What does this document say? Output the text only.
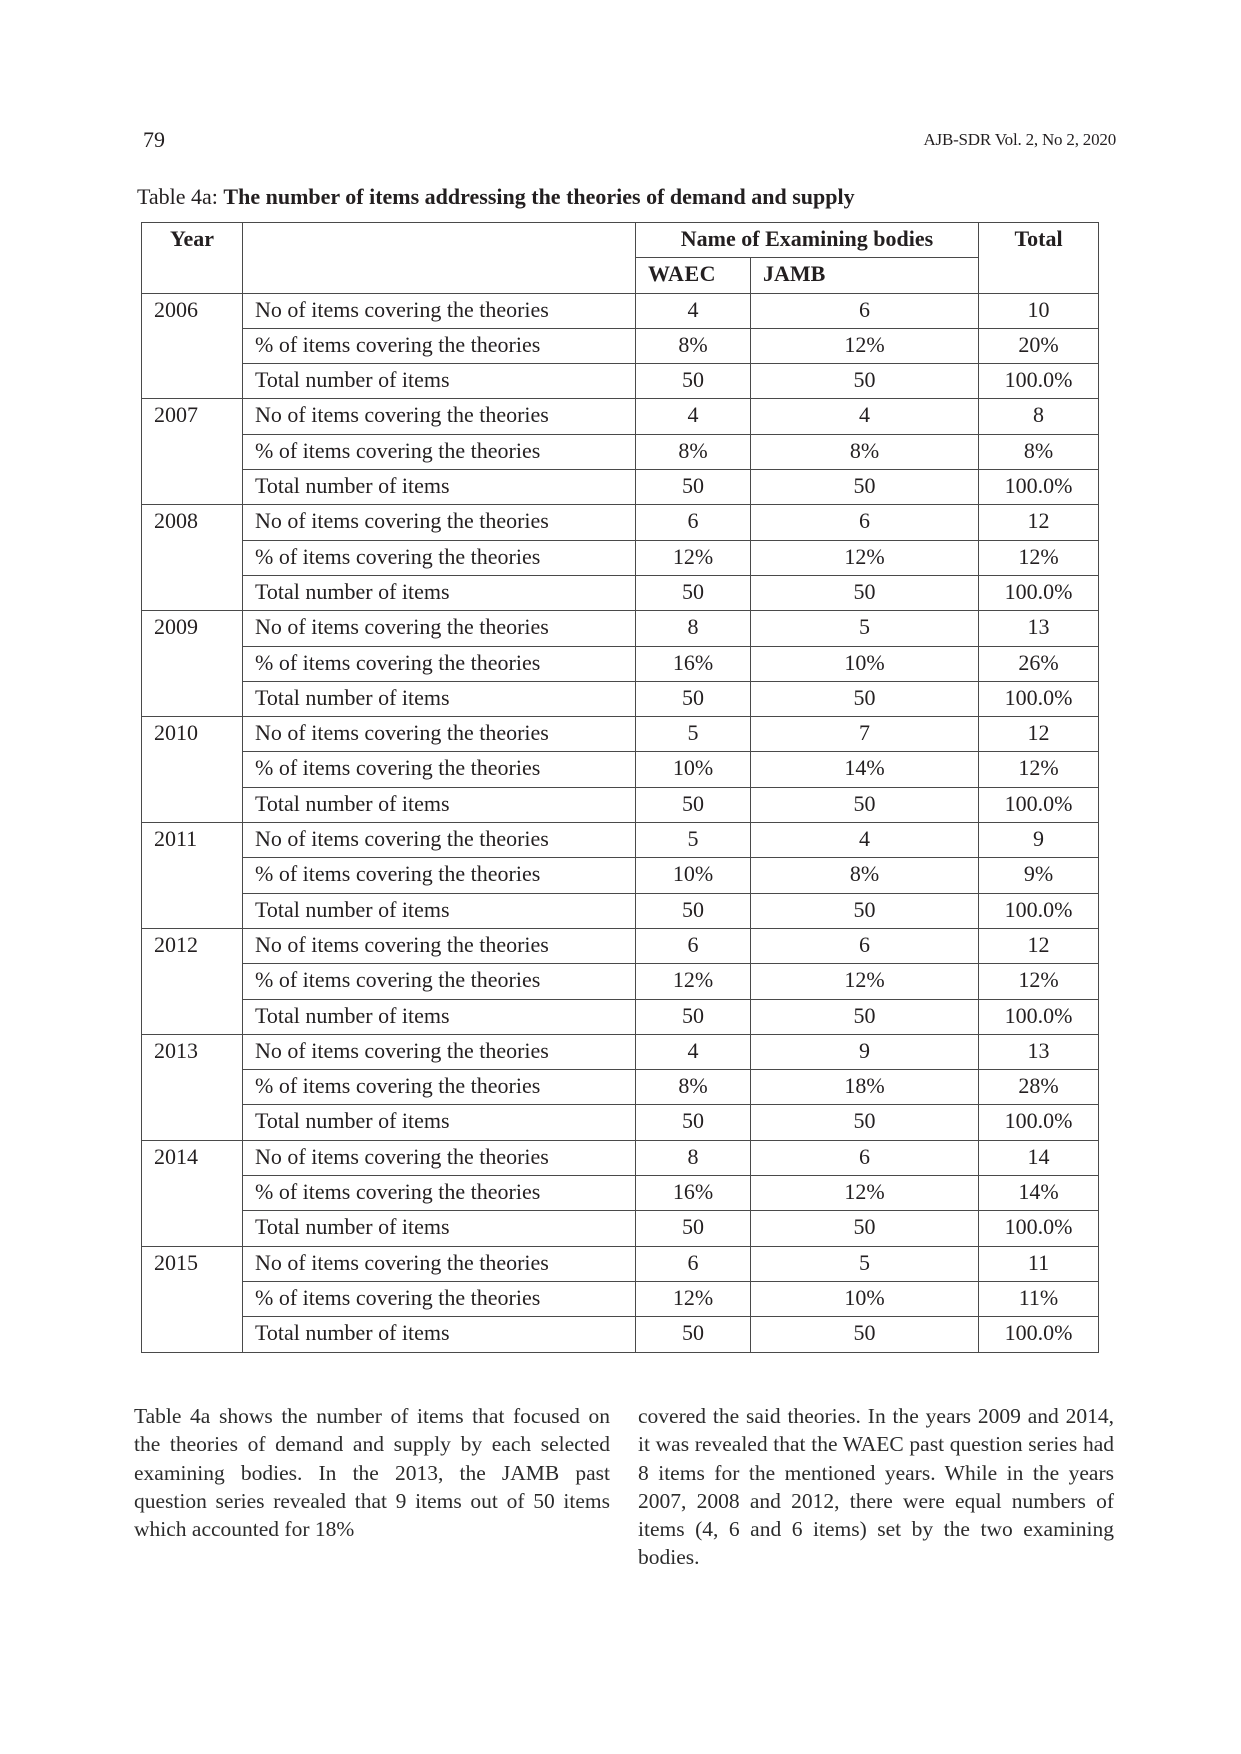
79	AJB-SDR Vol. 2, No 2, 2020
Table 4a: The number of items addressing the theories of demand and supply
Year		Name of Examining bodies		Total
		WAEC	JAMB	
2006	No of items covering the theories	4	6	10
	% of items covering the theories	8%	12%	20%
	Total number of items	50	50	100.0%
2007	No of items covering the theories	4	4	8
	% of items covering the theories	8%	8%	8%
	Total number of items	50	50	100.0%
2008	No of items covering the theories	6	6	12
	% of items covering the theories	12%	12%	12%
	Total number of items	50	50	100.0%
2009	No of items covering the theories	8	5	13
	% of items covering the theories	16%	10%	26%
	Total number of items	50	50	100.0%
2010	No of items covering the theories	5	7	12
	% of items covering the theories	10%	14%	12%
	Total number of items	50	50	100.0%
2011	No of items covering the theories	5	4	9
	% of items covering the theories	10%	8%	9%
	Total number of items	50	50	100.0%
2012	No of items covering the theories	6	6	12
	% of items covering the theories	12%	12%	12%
	Total number of items	50	50	100.0%
2013	No of items covering the theories	4	9	13
	% of items covering the theories	8%	18%	28%
	Total number of items	50	50	100.0%
2014	No of items covering the theories	8	6	14
	% of items covering the theories	16%	12%	14%
	Total number of items	50	50	100.0%
2015	No of items covering the theories	6	5	11
	% of items covering the theories	12%	10%	11%
	Total number of items	50	50	100.0%
Table 4a shows the number of items that focused on the theories of demand and supply by each selected examining bodies. In the 2013, the JAMB past question series revealed that 9 items out of 50 items which accounted for 18%
covered the said theories. In the years 2009 and 2014, it was revealed that the WAEC past question series had 8 items for the mentioned years. While in the years 2007, 2008 and 2012, there were equal numbers of items (4, 6 and 6 items) set by the two examining bodies.
